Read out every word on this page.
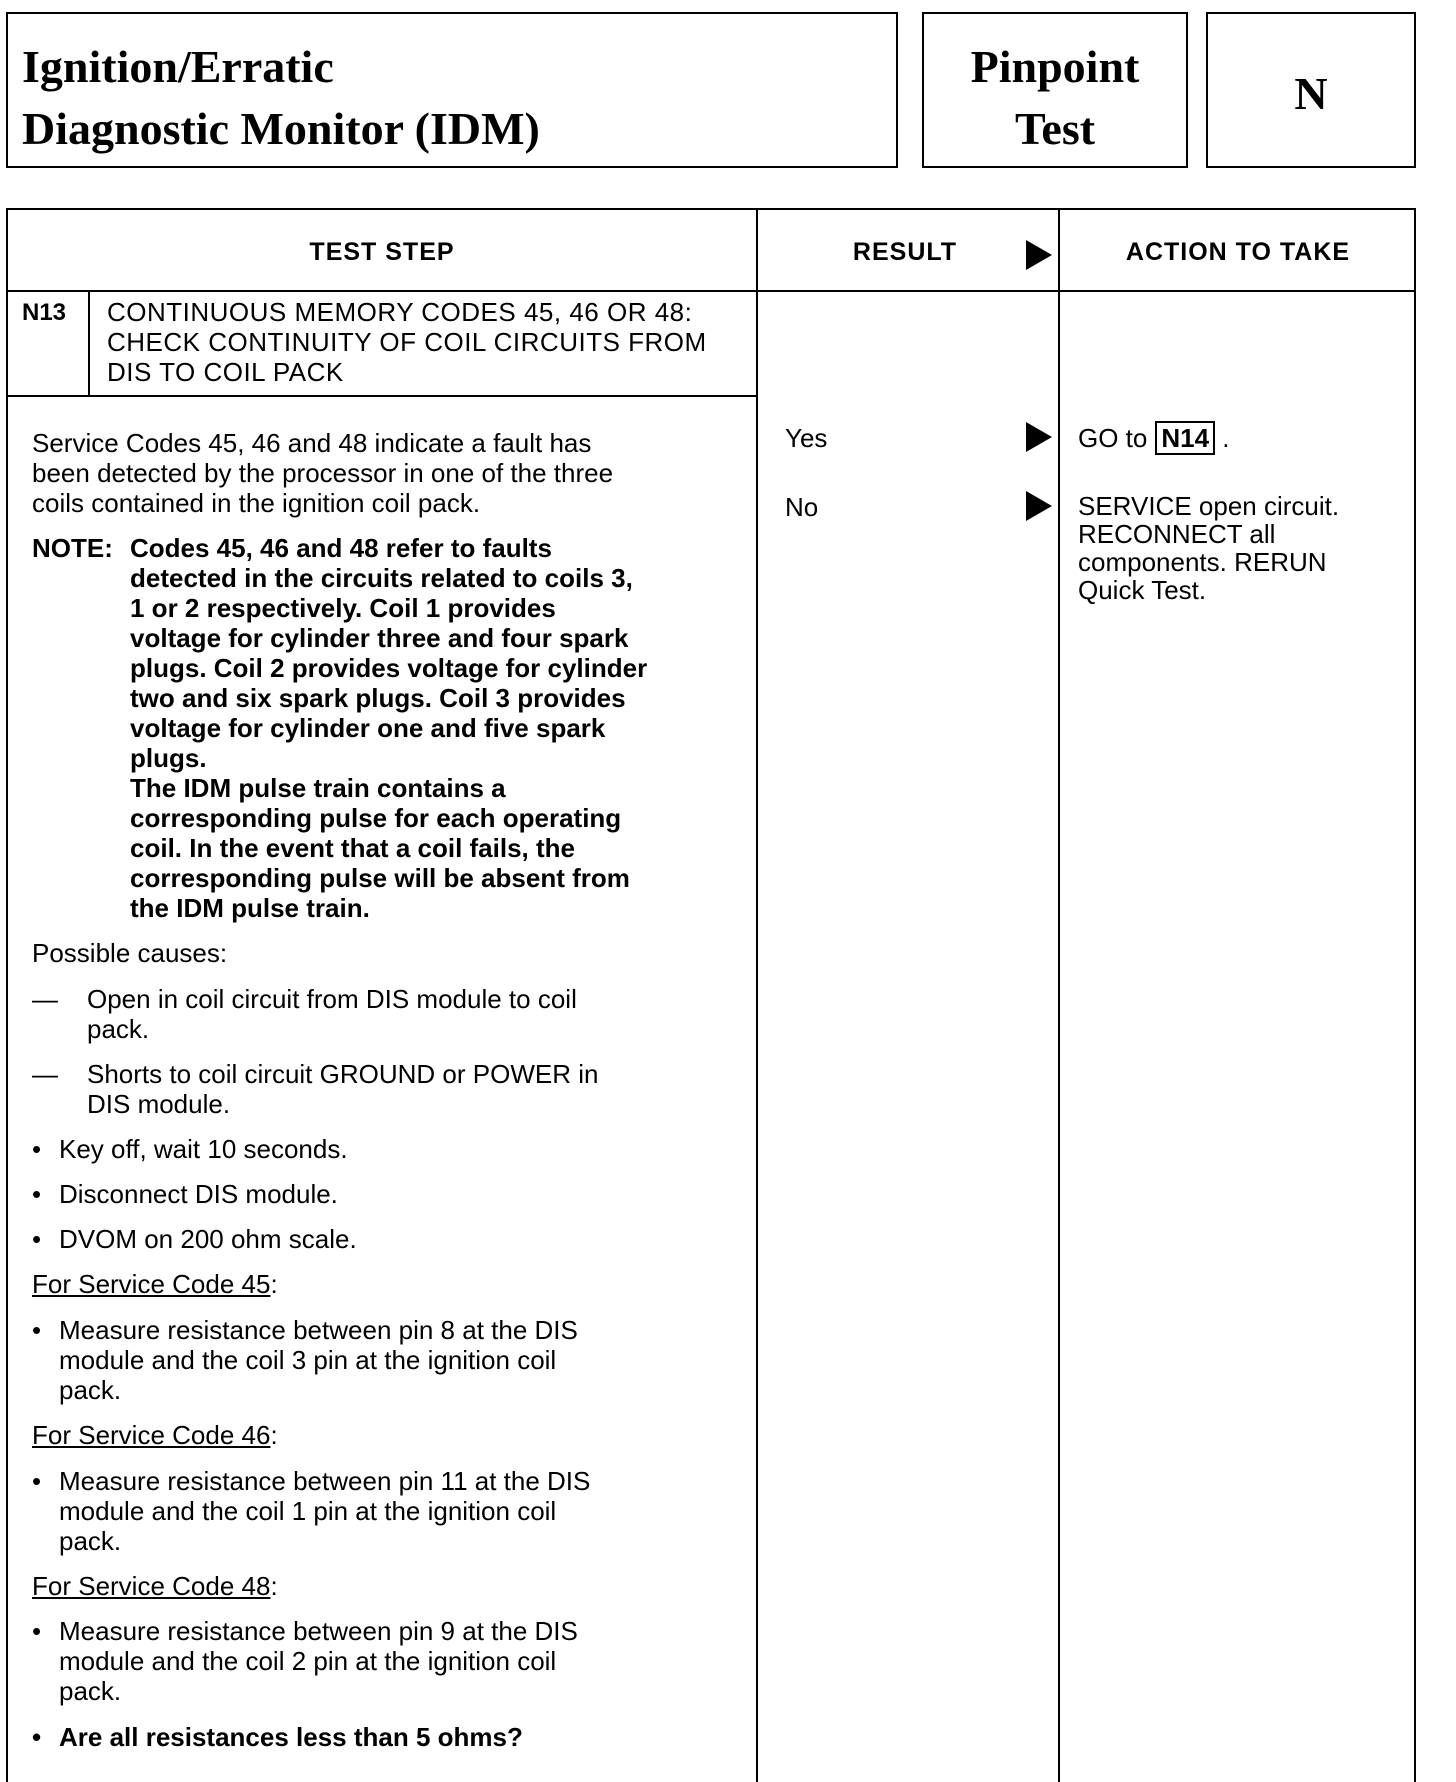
Ignition/Erratic
Diagnostic Monitor (IDM)
Pinpoint
Test
N
TEST STEP	RESULT	ACTION TO TAKE
N13 CONTINUOUS MEMORY CODES 45, 46 OR 48:
CHECK CONTINUITY OF COIL CIRCUITS FROM
DIS TO COIL PACK
Service Codes 45, 46 and 48 indicate a fault has
been detected by the processor in one of the three
coils contained in the ignition coil pack.
NOTE: Codes 45, 46 and 48 refer to faults
detected in the circuits related to coils 3,
1 or 2 respectively. Coil 1 provides
voltage for cylinder three and four spark
plugs. Coil 2 provides voltage for cylinder
two and six spark plugs. Coil 3 provides
voltage for cylinder one and five spark
plugs.
The IDM pulse train contains a
corresponding pulse for each operating
coil. In the event that a coil fails, the
corresponding pulse will be absent from
the IDM pulse train.
Possible causes:
—	Open in coil circuit from DIS module to coil
pack.
—	Shorts to coil circuit GROUND or POWER in
DIS module.
• Key off, wait 10 seconds.
• Disconnect DIS module.
• DVOM on 200 ohm scale.
For Service Code 45:
• Measure resistance between pin 8 at the DIS
module and the coil 3 pin at the ignition coil
pack.
For Service Code 46:
• Measure resistance between pin 11 at the DIS
module and the coil 1 pin at the ignition coil
pack.
For Service Code 48:
• Measure resistance between pin 9 at the DIS
module and the coil 2 pin at the ignition coil
pack.
• Are all resistances less than 5 ohms?
Yes	GO to N14 .
No	SERVICE open circuit.
RECONNECT all
components. RERUN
Quick Test.
